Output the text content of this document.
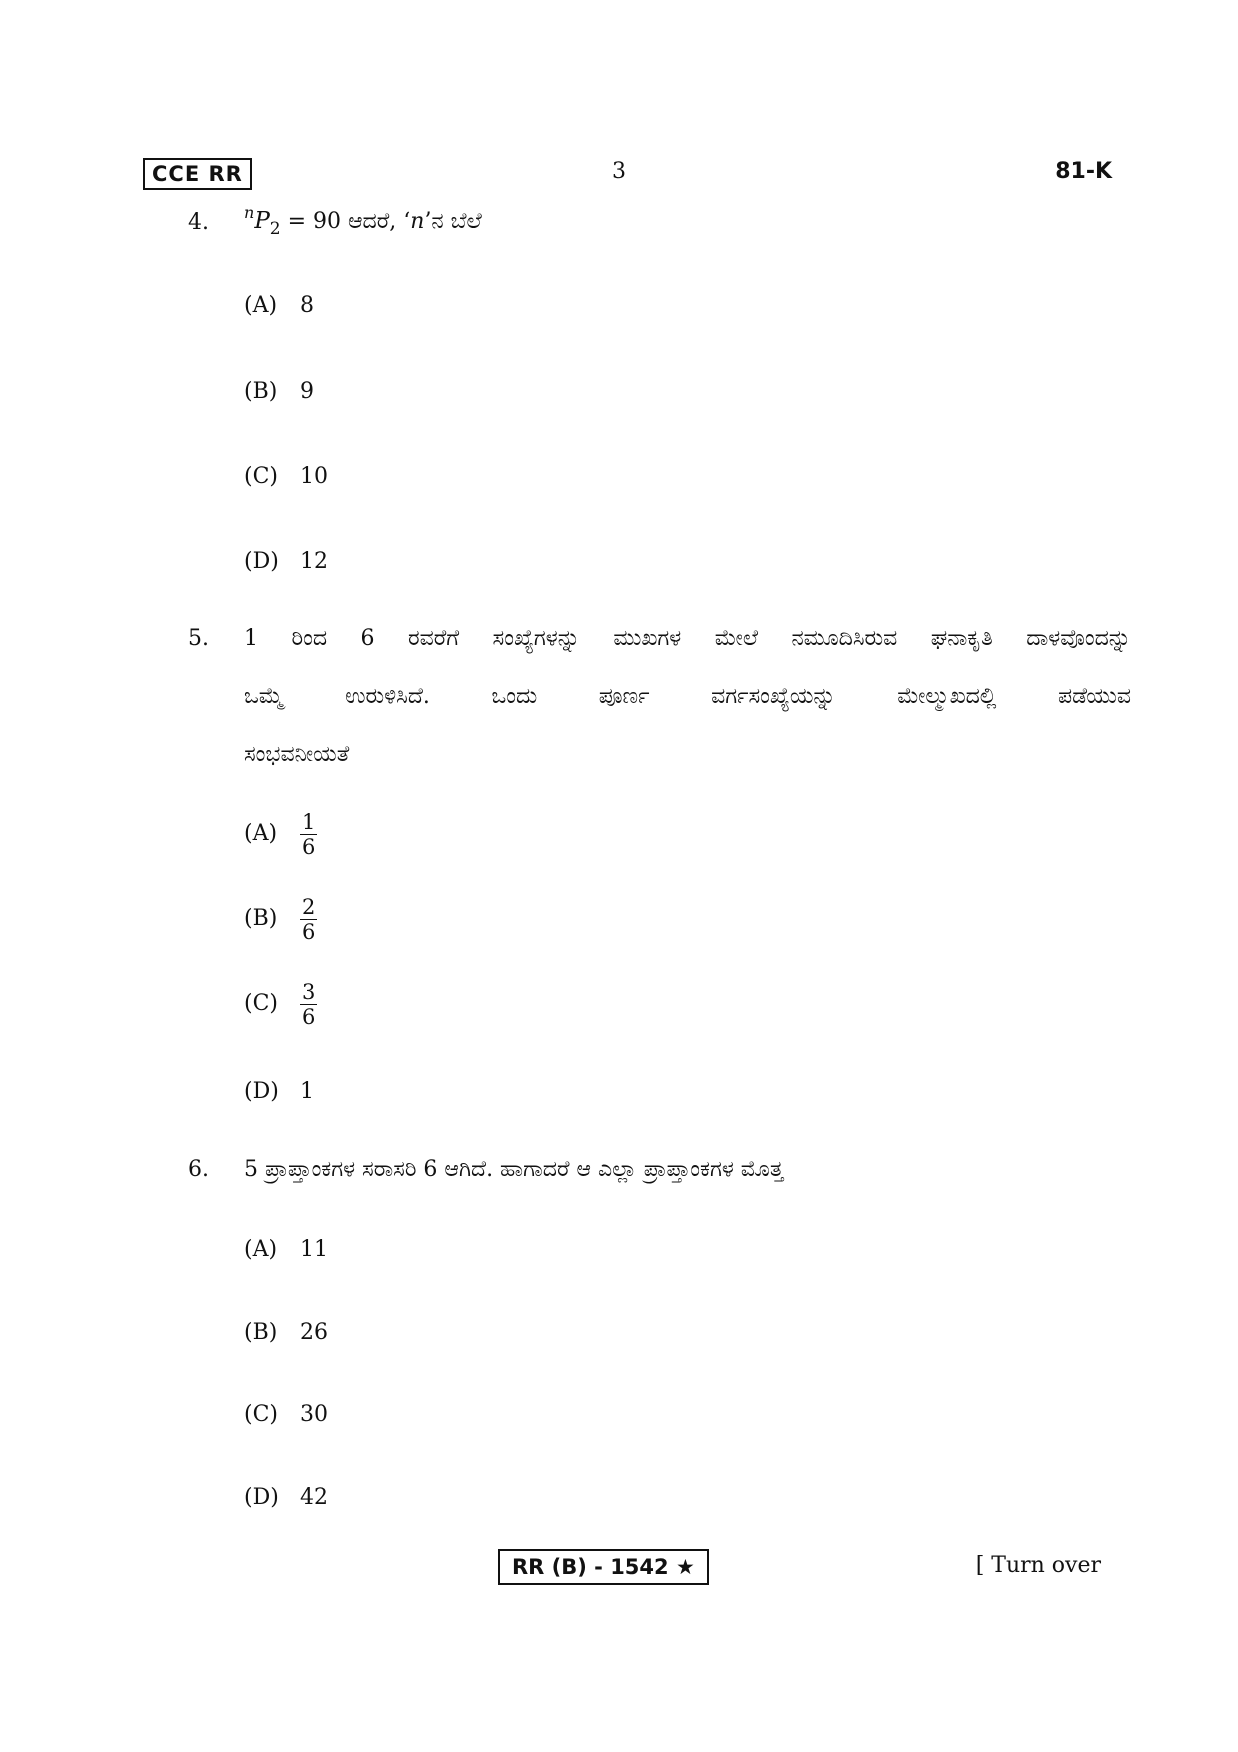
CCE RR	3	81-K
4. $^nP_2 = 90$ ಆದರೆ, ‘n’ನ ಬೆಲೆ
(A) 8
(B) 9
(C) 10
(D) 12
5. 1 ರಿಂದ 6 ರವರೆಗೆ ಸಂಖ್ಯೆಗಳನ್ನು ಮುಖಗಳ ಮೇಲೆ ನಮೂದಿಸಿರುವ ಘನಾಕೃತಿ ದಾಳವೊಂದನ್ನು
ಒಮ್ಮೆ ಉರುಳಿಸಿದೆ. ಒಂದು ಪೂರ್ಣ ವರ್ಗಸಂಖ್ಯೆಯನ್ನು ಮೇಲ್ಮುಖದಲ್ಲಿ ಪಡೆಯುವ
ಸಂಭವನೀಯತೆ
(A)	$\frac{1}{6}$
(B)	$\frac{2}{6}$
(C)	$\frac{3}{6}$
(D) 1
6. 5 ಪ್ರಾಪ್ತಾಂಕಗಳ ಸರಾಸರಿ 6 ಆಗಿದೆ. ಹಾಗಾದರೆ ಆ ಎಲ್ಲಾ ಪ್ರಾಪ್ತಾಂಕಗಳ ಮೊತ್ತ
(A) 11
(B) 26
(C) 30
(D) 42
RR (B) - 1542 ★	[ Turn over
